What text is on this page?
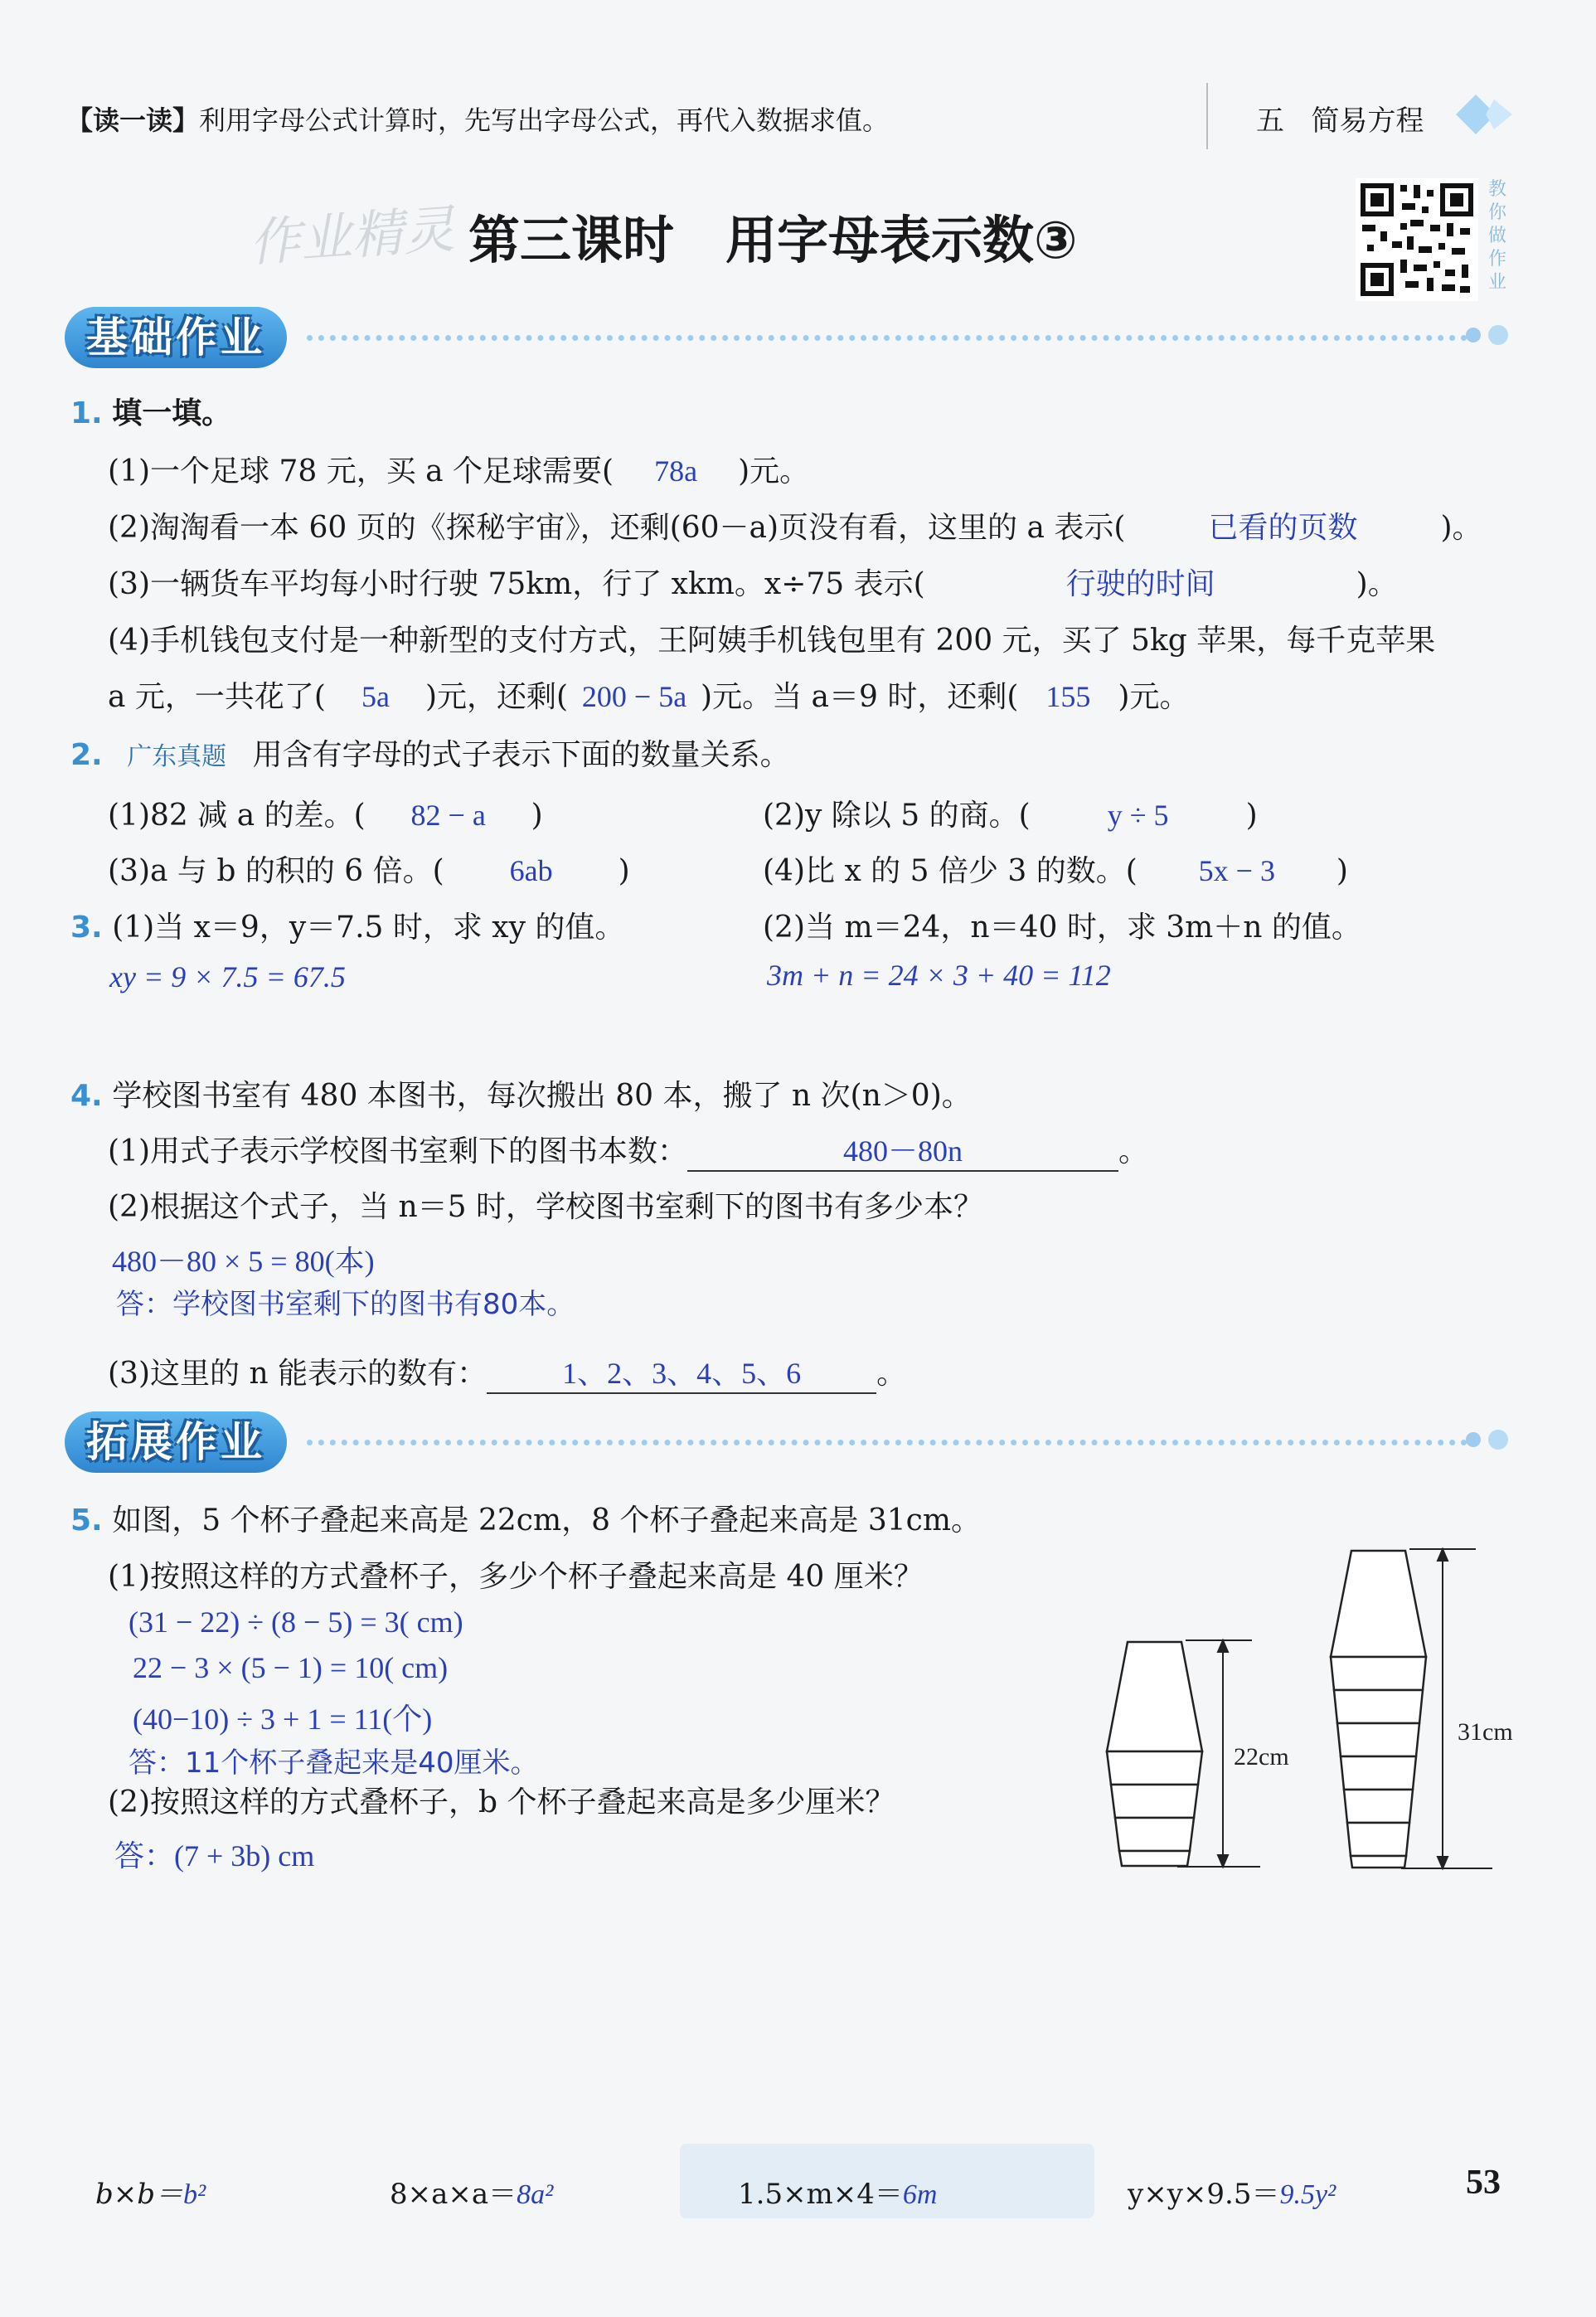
【读一读】利用字母公式计算时，先写出字母公式，再代入数据求值。	五 简易方程
作业精灵 第三课时　用字母表示数③
教你做作业
基础作业
1. 填一填。
(1)一个足球 78 元，买 a 个足球需要( 78a )元。
(2)淘淘看一本 60 页的《探秘宇宙》，还剩(60－a)页没有看，这里的 a 表示(	已看的页数	)。
(3)一辆货车平均每小时行驶 75km，行了 xkm。x÷75 表示(	行驶的时间	)。
(4)手机钱包支付是一种新型的支付方式，王阿姨手机钱包里有 200 元，买了 5kg 苹果，每千克苹果
a 元，一共花了( 5a )元，还剩( 200 − 5a )元。当 a＝9 时，还剩( 155 )元。
2. 广东真题 用含有字母的式子表示下面的数量关系。
(1)82 减 a 的差。( 82 − a )	(2)y 除以 5 的商。(	y ÷ 5	)
(3)a 与 b 的积的 6 倍。( 6ab )	(4)比 x 的 5 倍少 3 的数。( 5x − 3 )
3. (1)当 x＝9，y＝7.5 时，求 xy 的值。	(2)当 m＝24，n＝40 时，求 3m＋n 的值。
xy = 9 × 7.5 = 67.5	3m + n = 24 × 3 + 40 = 112
4. 学校图书室有 480 本图书，每次搬出 80 本，搬了 n 次(n＞0)。
(1)用式子表示学校图书室剩下的图书本数：	480－80n	。
(2)根据这个式子，当 n＝5 时，学校图书室剩下的图书有多少本？
480－80 × 5 = 80(本)
答：学校图书室剩下的图书有80本。
(3)这里的 n 能表示的数有：	1、2、3、4、5、6	。
拓展作业
5. 如图，5 个杯子叠起来高是 22cm，8 个杯子叠起来高是 31cm。
(1)按照这样的方式叠杯子，多少个杯子叠起来高是 40 厘米？
(31 − 22) ÷ (8 − 5) = 3( cm)
22 − 3 × (5 − 1) = 10( cm)
(40−10) ÷ 3 + 1 = 11(个)
答：11个杯子叠起来是40厘米。
(2)按照这样的方式叠杯子，b 个杯子叠起来高是多少厘米？
答：(7 + 3b) cm
22cm
31cm
b×b＝b²	8×a×a＝8a²	1.5×m×4＝6m	y×y×9.5＝9.5y²	53
